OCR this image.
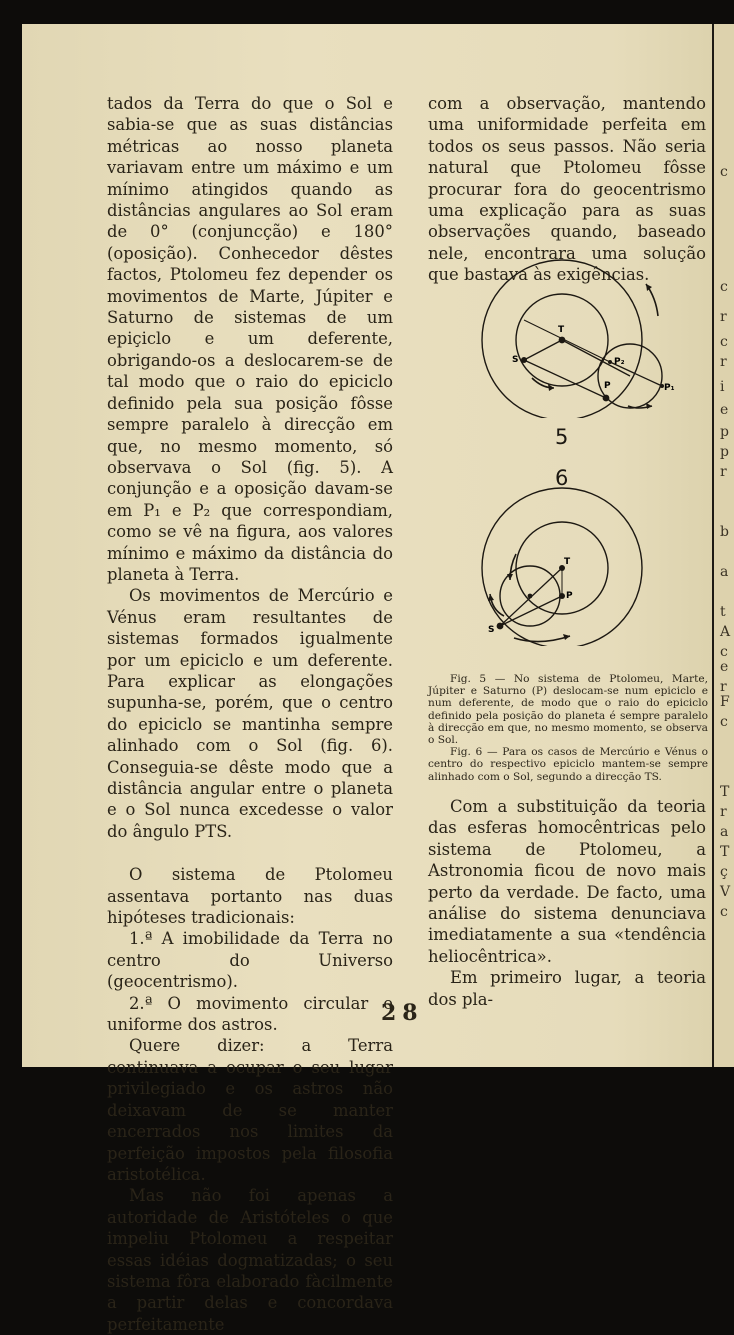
c
c
r
c
r
i
e
p
p
r
b
a
t
A
c
e
r
F
c
T
r
a
T
ç
V
c

tados da Terra do que o Sol e sabia-se que as suas distâncias métricas ao nosso planeta variavam entre um máximo e um mínimo atingidos quando as distâncias angulares ao Sol eram de 0° (conjuncção) e 180° (oposição). Conhecedor dêstes factos, Ptolomeu fez depender os movimentos de Marte, Júpiter e Saturno de sistemas de um epiçiclo e um deferente, obrigando-os a deslocarem-se de tal modo que o raio do epiciclo definido pela sua posição fôsse sempre paralelo à direcção em que, no mesmo momento, só observava o Sol (fig. 5). A conjunção e a oposição davam-se em P₁ e P₂ que correspondiam, como se vê na figura, aos valores mínimo e máximo da distância do planeta à Terra.

Os movimentos de Mercúrio e Vénus eram resultantes de sistemas formados igualmente por um epiciclo e um deferente. Para explicar as elongações supunha-se, porém, que o centro do epiciclo se mantinha sempre alinhado com o Sol (fig. 6). Conseguia-se dêste modo que a distância angular entre o planeta e o Sol nunca excedesse o valor do ângulo PTS.

O sistema de Ptolomeu assentava portanto nas duas hipóteses tradicionais:

1.ª A imobilidade da Terra no centro do Universo (geocentrismo).

2.ª O movimento circular e uniforme dos astros.

Quere dizer: a Terra continuava a ocupar o seu lugar privilegiado e os astros não deixavam de se manter encerrados nos limites da perfeição impostos pela filosofia aristotélica.

Mas não foi apenas a autoridade de Aristóteles o que impeliu Ptolomeu a respeitar essas idéias dogmatizadas; o seu sistema fôra elaborado fàcilmente a partir delas e concordava perfeitamente

com a observação, mantendo uma uniformidade perfeita em todos os seus passos. Não seria natural que Ptolomeu fôsse procurar fora do geocentrismo uma explicação para as suas observações quando, baseado nele, encontrara uma solução que bastava às exigências.

T
S
P
P₂
P₁
5
6
T
S
P

Fig. 5 — No sistema de Ptolomeu, Marte, Júpiter e Saturno (P) deslocam-se num epiciclo e num deferente, de modo que o raio do epiciclo definido pela posição do planeta é sempre paralelo à direcção em que, no mesmo momento, se observa o Sol.

Fig. 6 — Para os casos de Mercúrio e Vénus o centro do respectivo epiciclo mantem-se sempre alinhado com o Sol, segundo a direcção TS.

Com a substituição da teoria das esferas homocêntricas pelo sistema de Ptolomeu, a Astronomia ficou de novo mais perto da verdade. De facto, uma análise do sistema denunciava imediatamente a sua «tendência heliocêntrica».

Em primeiro lugar, a teoria dos pla-

28
